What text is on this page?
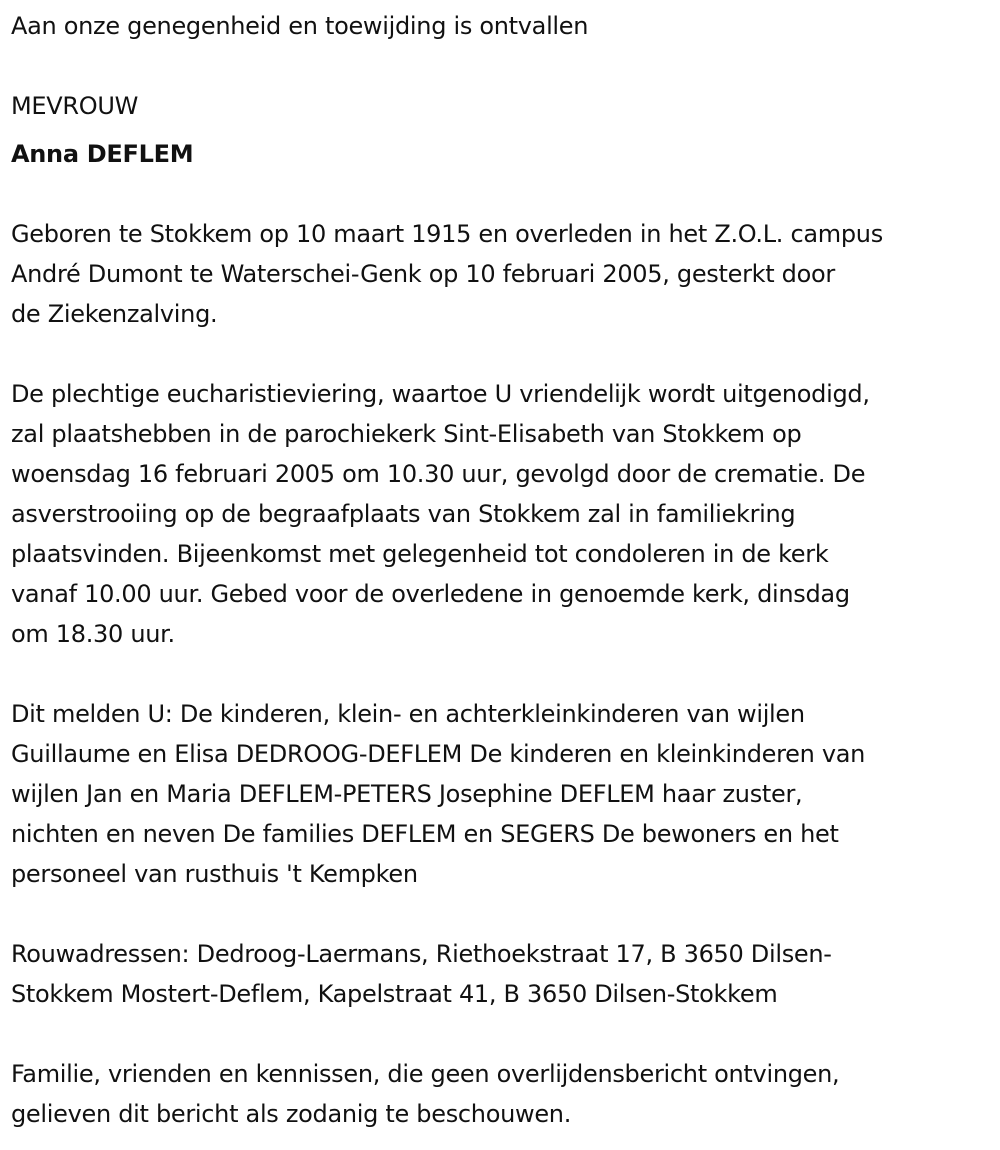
Aan onze genegenheid en toewijding is ontvallen

MEVROUW

Anna DEFLEM

Geboren te Stokkem op 10 maart 1915 en overleden in het Z.O.L. campus
André Dumont te Waterschei-Genk op 10 februari 2005, gesterkt door
de Ziekenzalving.

De plechtige eucharistieviering, waartoe U vriendelijk wordt uitgenodigd,
zal plaatshebben in de parochiekerk Sint-Elisabeth van Stokkem op
woensdag 16 februari 2005 om 10.30 uur, gevolgd door de crematie. De
asverstrooiing op de begraafplaats van Stokkem zal in familiekring
plaatsvinden. Bijeenkomst met gelegenheid tot condoleren in de kerk
vanaf 10.00 uur. Gebed voor de overledene in genoemde kerk, dinsdag
om 18.30 uur.

Dit melden U: De kinderen, klein- en achterkleinkinderen van wijlen
Guillaume en Elisa DEDROOG-DEFLEM De kinderen en kleinkinderen van
wijlen Jan en Maria DEFLEM-PETERS Josephine DEFLEM haar zuster,
nichten en neven De families DEFLEM en SEGERS De bewoners en het
personeel van rusthuis 't Kempken

Rouwadressen: Dedroog-Laermans, Riethoekstraat 17, B 3650 Dilsen-
Stokkem Mostert-Deflem, Kapelstraat 41, B 3650 Dilsen-Stokkem

Familie, vrienden en kennissen, die geen overlijdensbericht ontvingen,
gelieven dit bericht als zodanig te beschouwen.
